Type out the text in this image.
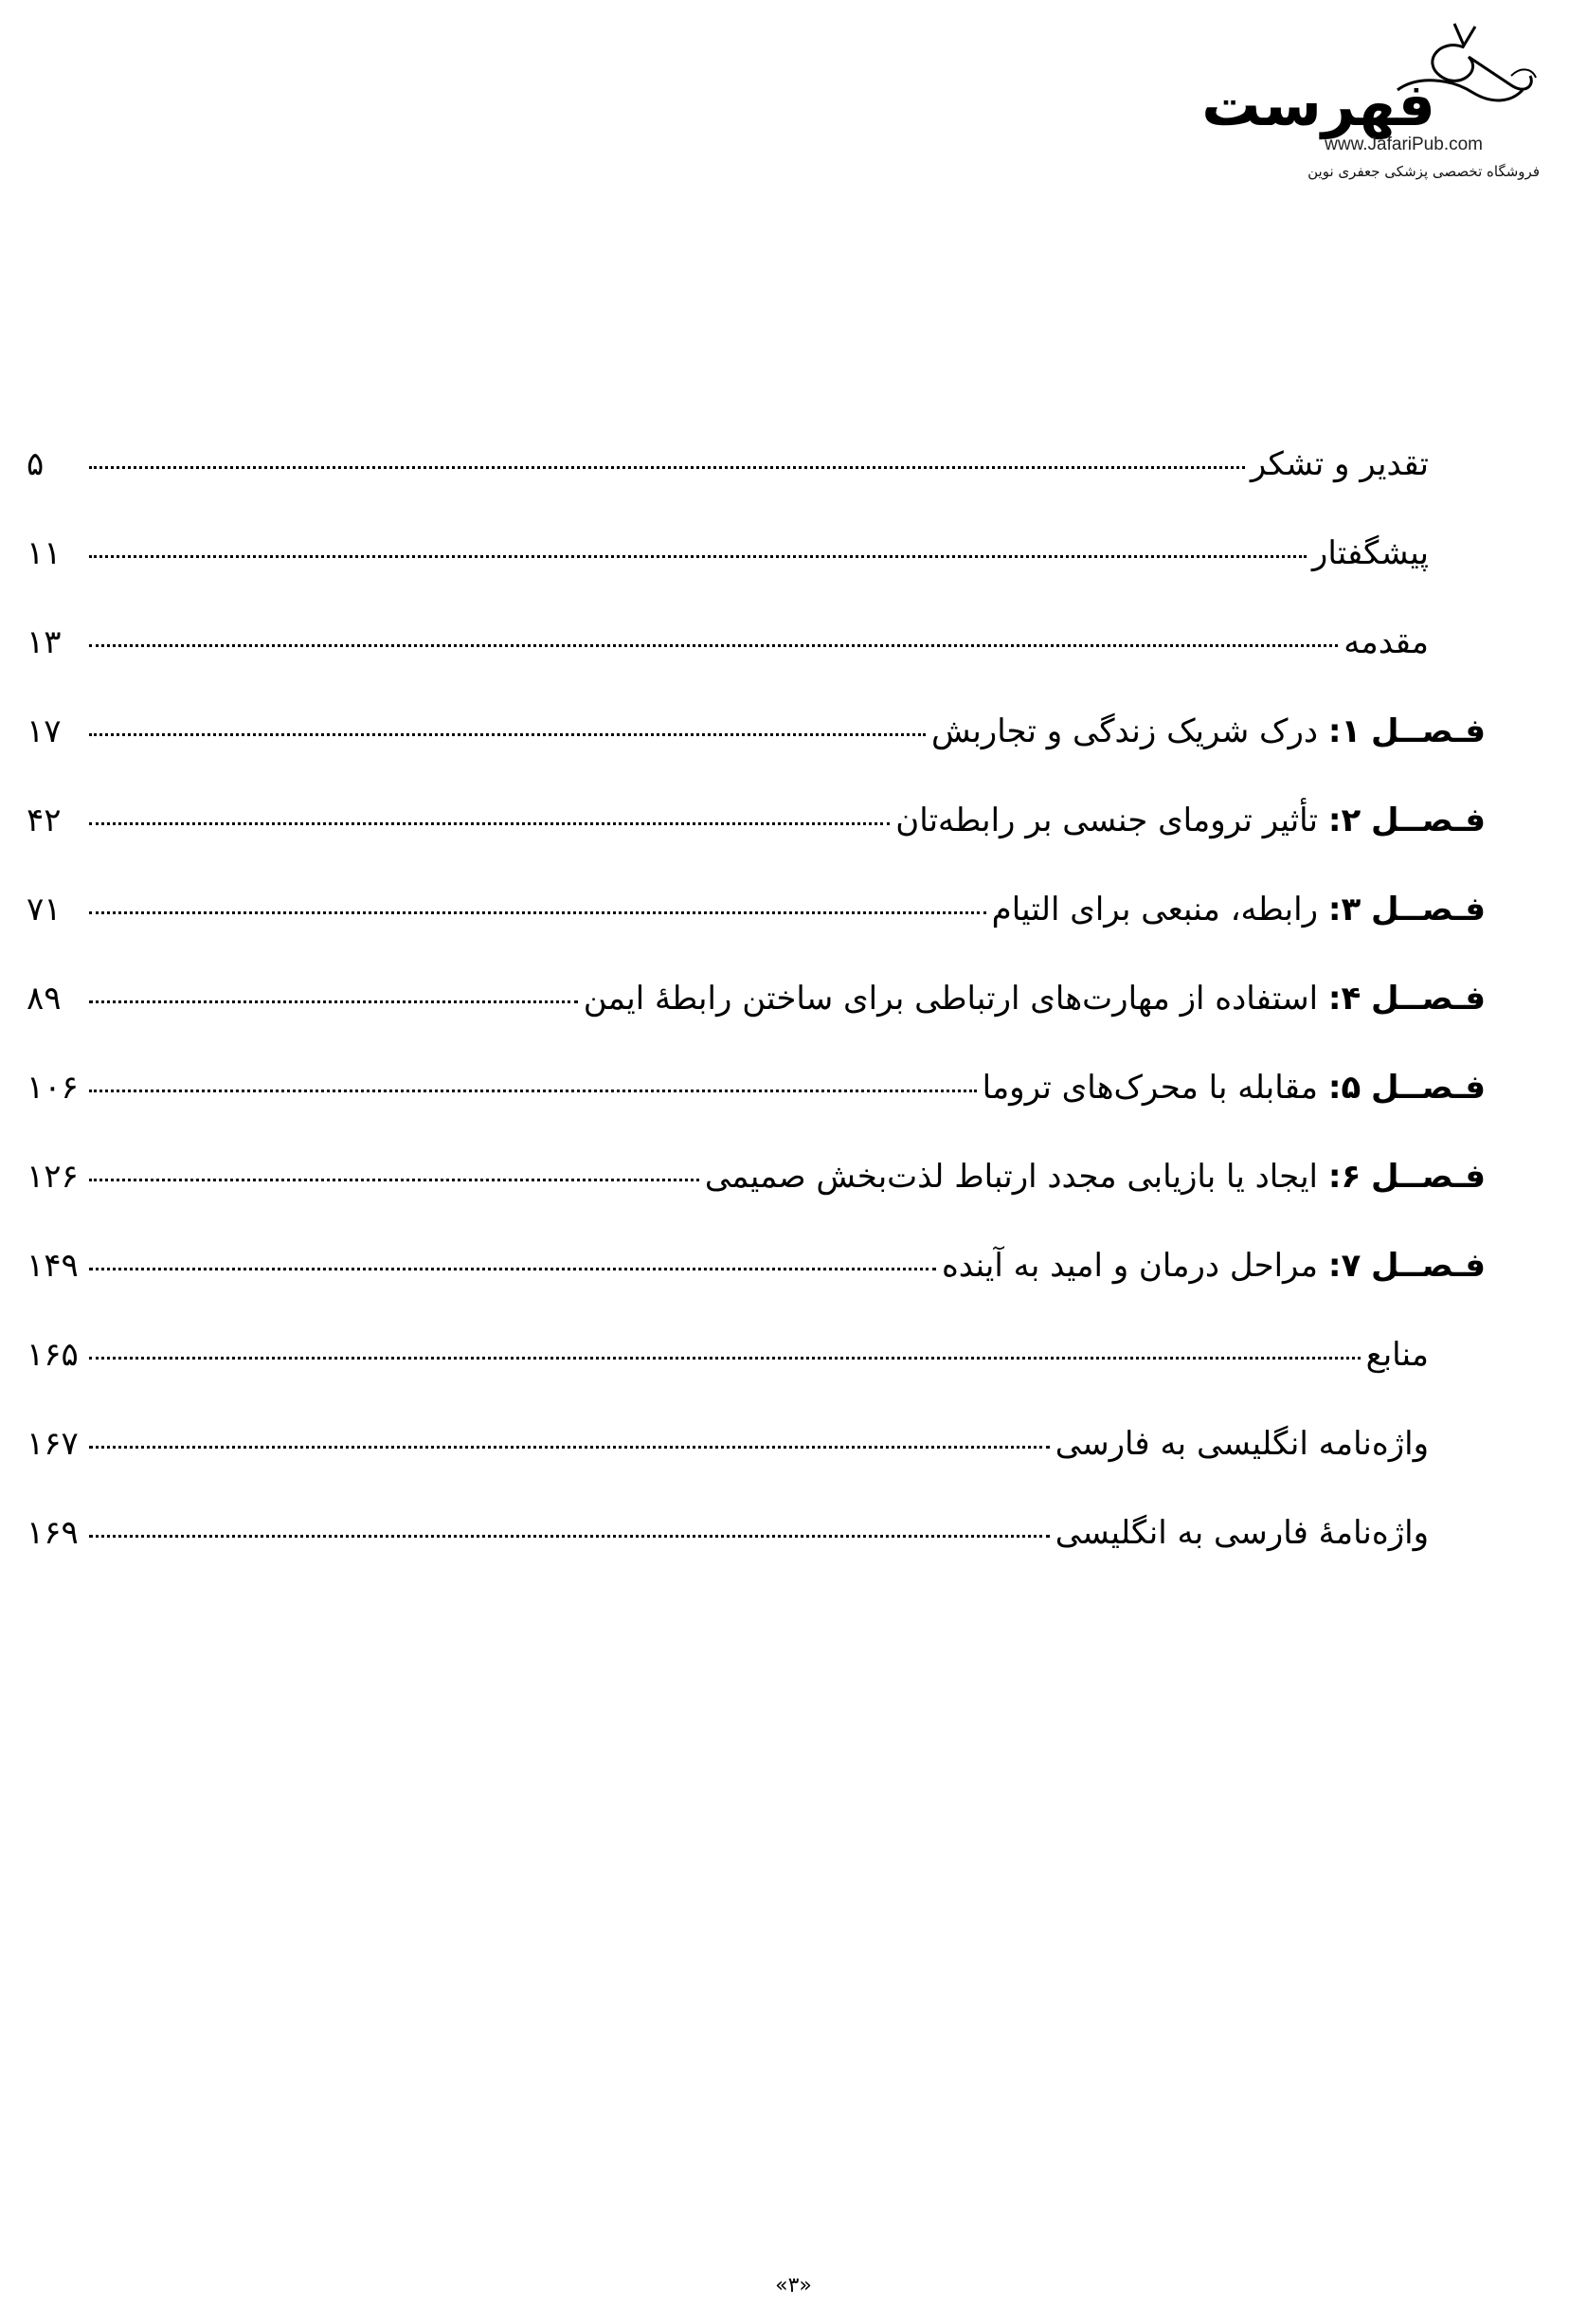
فهرست
www.JafariPub.com
فروشگاه تخصصی پزشکی جعفری نوین
تقدیر و تشکر
۵
پیشگفتار
۱۱
مقدمه
۱۳
فـصــل ۱: درک شریک زندگی و تجاربش
۱۷
فـصــل ۲: تأثیر ترومای جنسی بر رابطه‌تان
۴۲
فـصــل ۳: رابطه، منبعی برای التیام
۷۱
فـصــل ۴: استفاده از مهارت‌های ارتباطی برای ساختن رابطهٔ ایمن
۸۹
فـصــل ۵: مقابله با محرک‌های تروما
۱۰۶
فـصــل ۶: ایجاد یا بازیابی مجدد ارتباط لذت‌بخش صمیمی
۱۲۶
فـصــل ۷: مراحل درمان و امید به آینده
۱۴۹
منابع
۱۶۵
واژه‌نامه انگلیسی به فارسی
۱۶۷
واژه‌نامهٔ فارسی به انگلیسی
۱۶۹
«۳»
